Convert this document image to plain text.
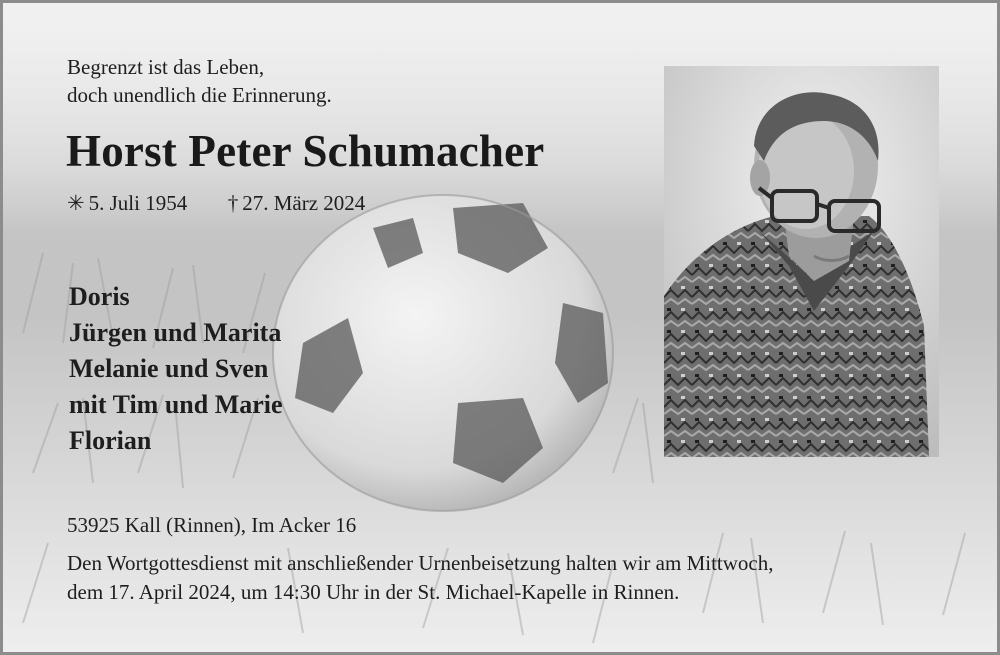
Begrenzt ist das Leben,
doch unendlich die Erinnerung.
Horst Peter Schumacher
✳ 5. Juli 1954 † 27. März 2024
Doris
Jürgen und Marita
Melanie und Sven
mit Tim und Marie
Florian
53925 Kall (Rinnen), Im Acker 16
Den Wortgottesdienst mit anschließender Urnenbeisetzung halten wir am Mittwoch,
dem 17. April 2024, um 14:30 Uhr in der St. Michael-Kapelle in Rinnen.
